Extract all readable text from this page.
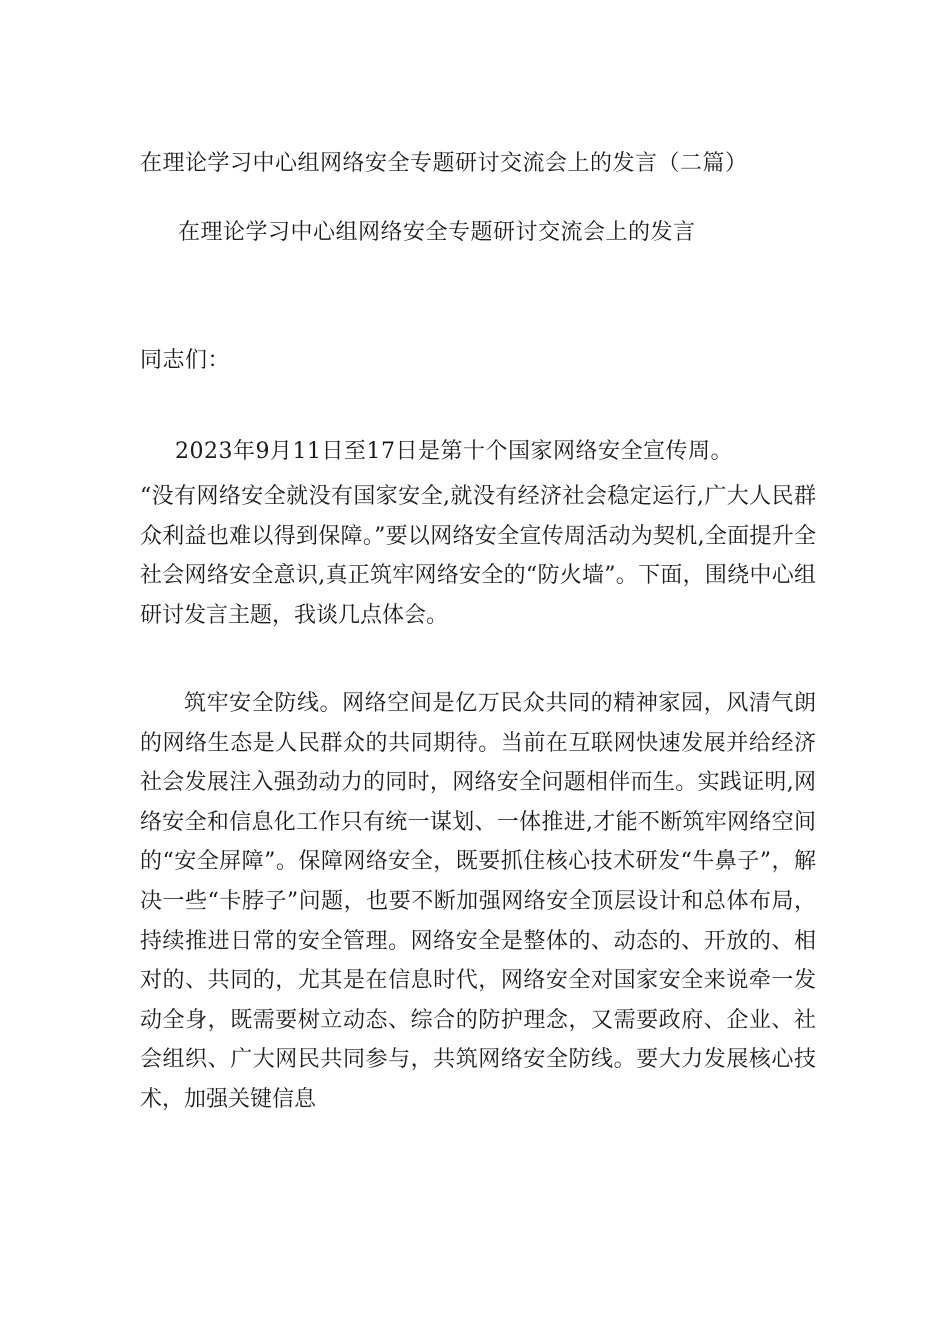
在理论学习中心组网络安全专题研讨交流会上的发言（二篇）
在理论学习中心组网络安全专题研讨交流会上的发言
同志们：
2023年9月11日至17日是第十个国家网络安全宣传周。
“没有网络安全就没有国家安全,就没有经济社会稳定运行,广大人民群众利益也难以得到保障。”要以网络安全宣传周活动为契机,全面提升全社会网络安全意识,真正筑牢网络安全的“防火墙”。下面，围绕中心组研讨发言主题，我谈几点体会。
筑牢安全防线。网络空间是亿万民众共同的精神家园，风清气朗的网络生态是人民群众的共同期待。当前在互联网快速发展并给经济社会发展注入强劲动力的同时，网络安全问题相伴而生。实践证明,网络安全和信息化工作只有统一谋划、一体推进,才能不断筑牢网络空间的“安全屏障”。保障网络安全，既要抓住核心技术研发“牛鼻子”，解决一些“卡脖子”问题，也要不断加强网络安全顶层设计和总体布局，持续推进日常的安全管理。网络安全是整体的、动态的、开放的、相对的、共同的，尤其是在信息时代，网络安全对国家安全来说牵一发动全身，既需要树立动态、综合的防护理念，又需要政府、企业、社会组织、广大网民共同参与，共筑网络安全防线。要大力发展核心技术，加强关键信息
